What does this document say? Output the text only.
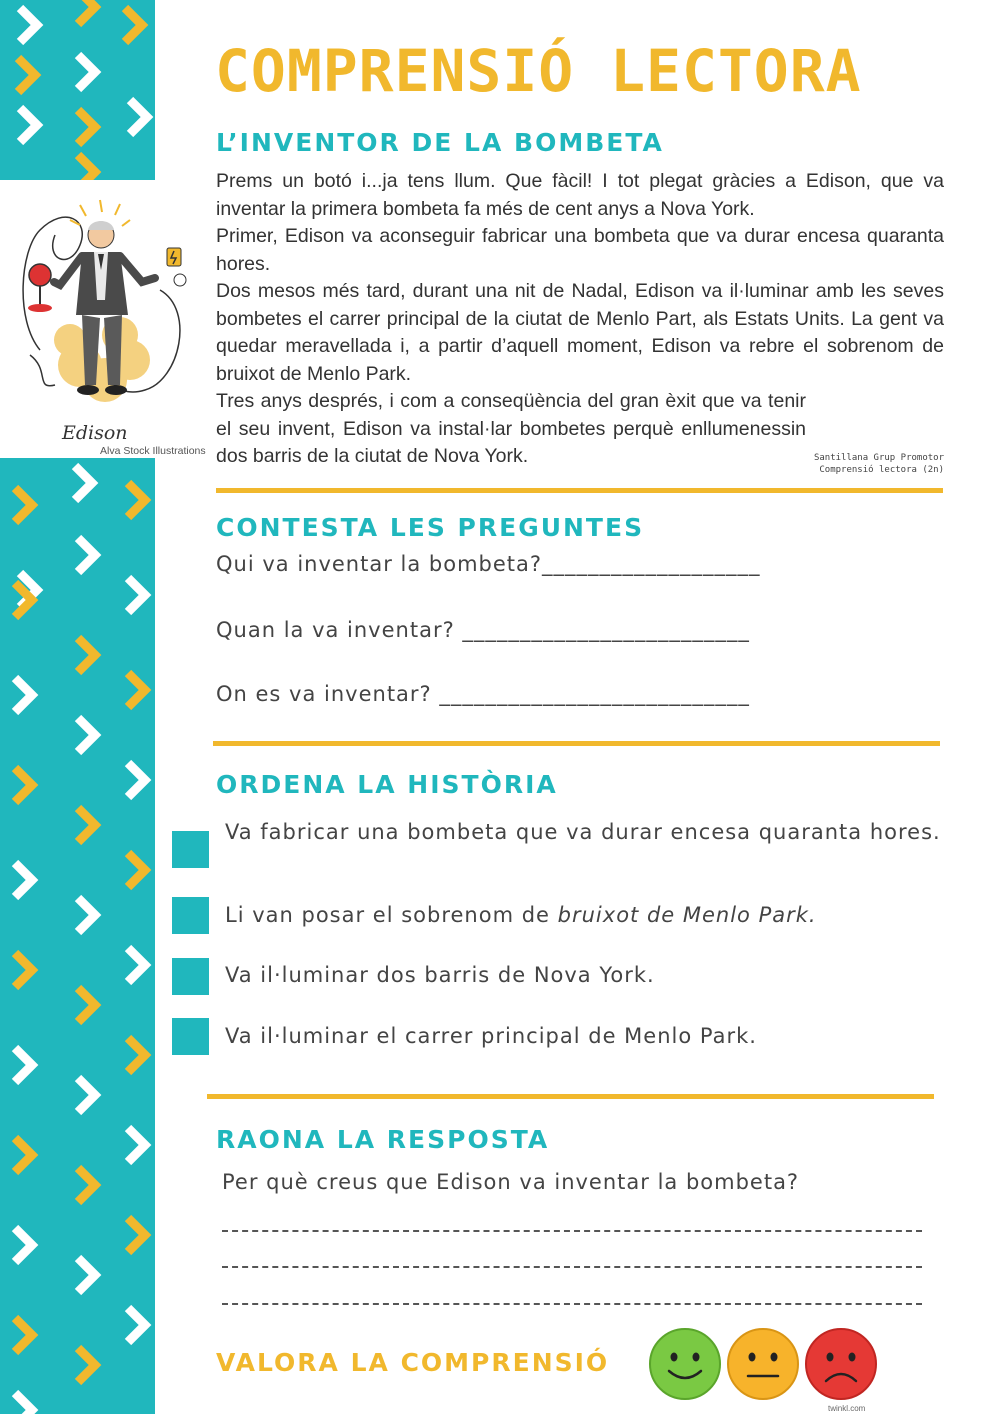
Edison
Alva Stock Illustrations
COMPRENSIÓ LECTORA
L’INVENTOR DE LA BOMBETA

Prems un botó i...ja tens llum. Que fàcil! I tot plegat gràcies a Edison, que va inventar la primera bombeta fa més de cent anys a Nova York.

Primer, Edison va aconseguir fabricar una bombeta que va durar encesa quaranta hores.

Dos mesos més tard, durant una nit de Nadal, Edison va il·luminar amb les seves bombetes el carrer principal de la ciutat de Menlo Part, als Estats Units. La gent va quedar meravellada i, a partir d’aquell moment, Edison va rebre el sobrenom de bruixot de Menlo Park.

Tres anys després, i com a conseqüència del gran èxit que va tenir el seu invent, Edison va instal·lar bombetes perquè enllumenessin dos barris de la ciutat de Nova York.	Santillana Grup Promotor
Comprensió lectora (2n)
CONTESTA LES PREGUNTES
Qui va inventar la bombeta?___________________
Quan la va inventar? _________________________
On es va inventar? ___________________________
ORDENA LA HISTÒRIA
Va fabricar una bombeta que va durar encesa quaranta hores.
Li van posar el sobrenom de bruixot de Menlo Park.
Va il·luminar dos barris de Nova York.
Va il·luminar el carrer principal de Menlo Park.
RAONA LA RESPOSTA
Per què creus que Edison va inventar la bombeta?
VALORA LA COMPRENSIÓ
twinkl.com
